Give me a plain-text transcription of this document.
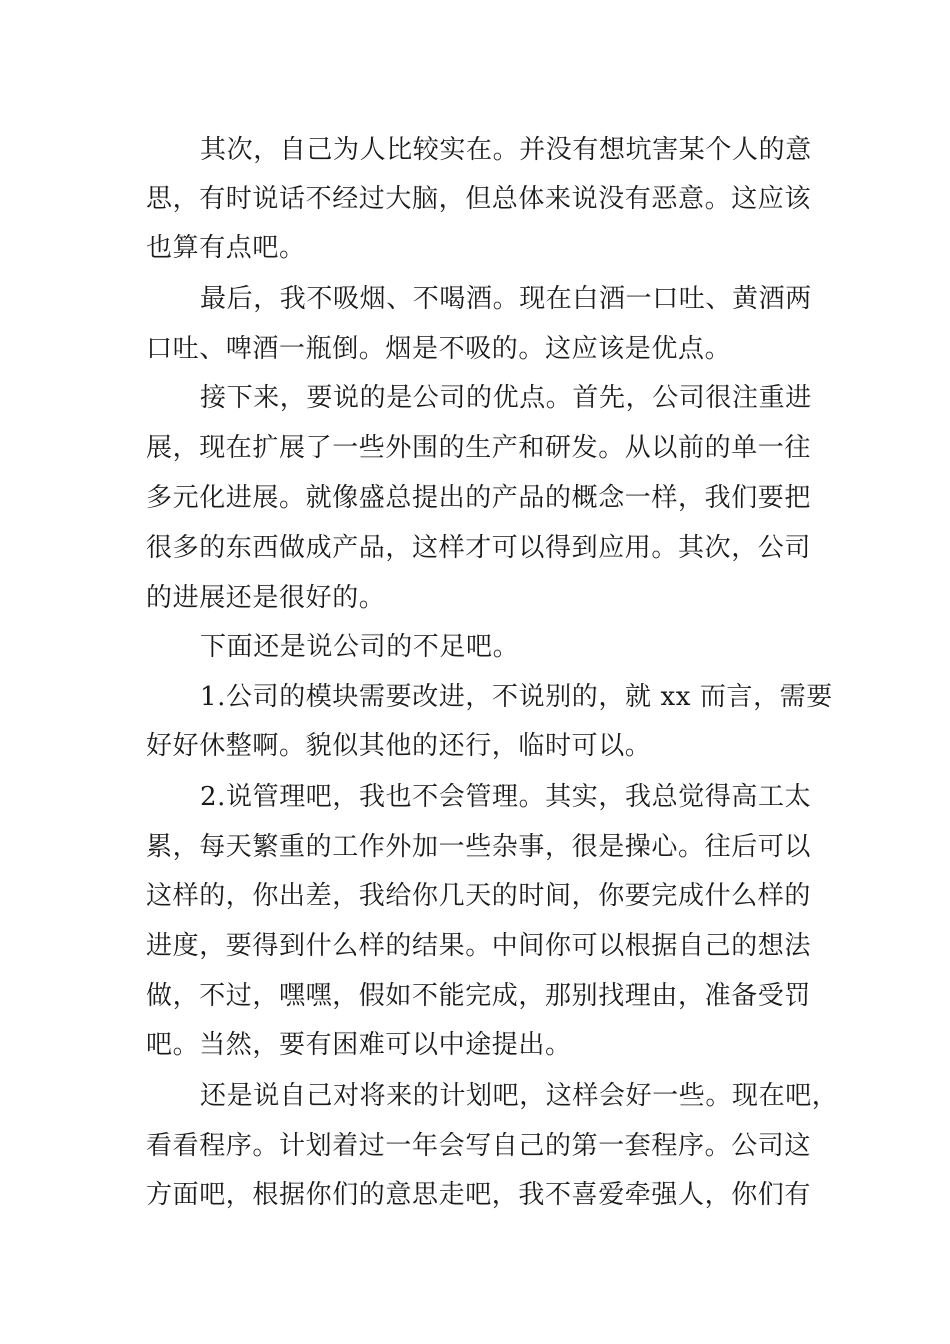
其次，自己为人比较实在。并没有想坑害某个人的意
思，有时说话不经过大脑，但总体来说没有恶意。这应该
也算有点吧。
最后，我不吸烟、不喝酒。现在白酒一口吐、黄酒两
口吐、啤酒一瓶倒。烟是不吸的。这应该是优点。
接下来，要说的是公司的优点。首先，公司很注重进
展，现在扩展了一些外围的生产和研发。从以前的单一往
多元化进展。就像盛总提出的产品的概念一样，我们要把
很多的东西做成产品，这样才可以得到应用。其次，公司
的进展还是很好的。
下面还是说公司的不足吧。
1.公司的模块需要改进，不说别的，就 xx 而言，需要
好好休整啊。貌似其他的还行，临时可以。
2.说管理吧，我也不会管理。其实，我总觉得高工太
累，每天繁重的工作外加一些杂事，很是操心。往后可以
这样的，你出差，我给你几天的时间，你要完成什么样的
进度，要得到什么样的结果。中间你可以根据自己的想法
做，不过，嘿嘿，假如不能完成，那别找理由，准备受罚
吧。当然，要有困难可以中途提出。
还是说自己对将来的计划吧，这样会好一些。现在吧，
看看程序。计划着过一年会写自己的第一套程序。公司这
方面吧，根据你们的意思走吧，我不喜爱牵强人，你们有
